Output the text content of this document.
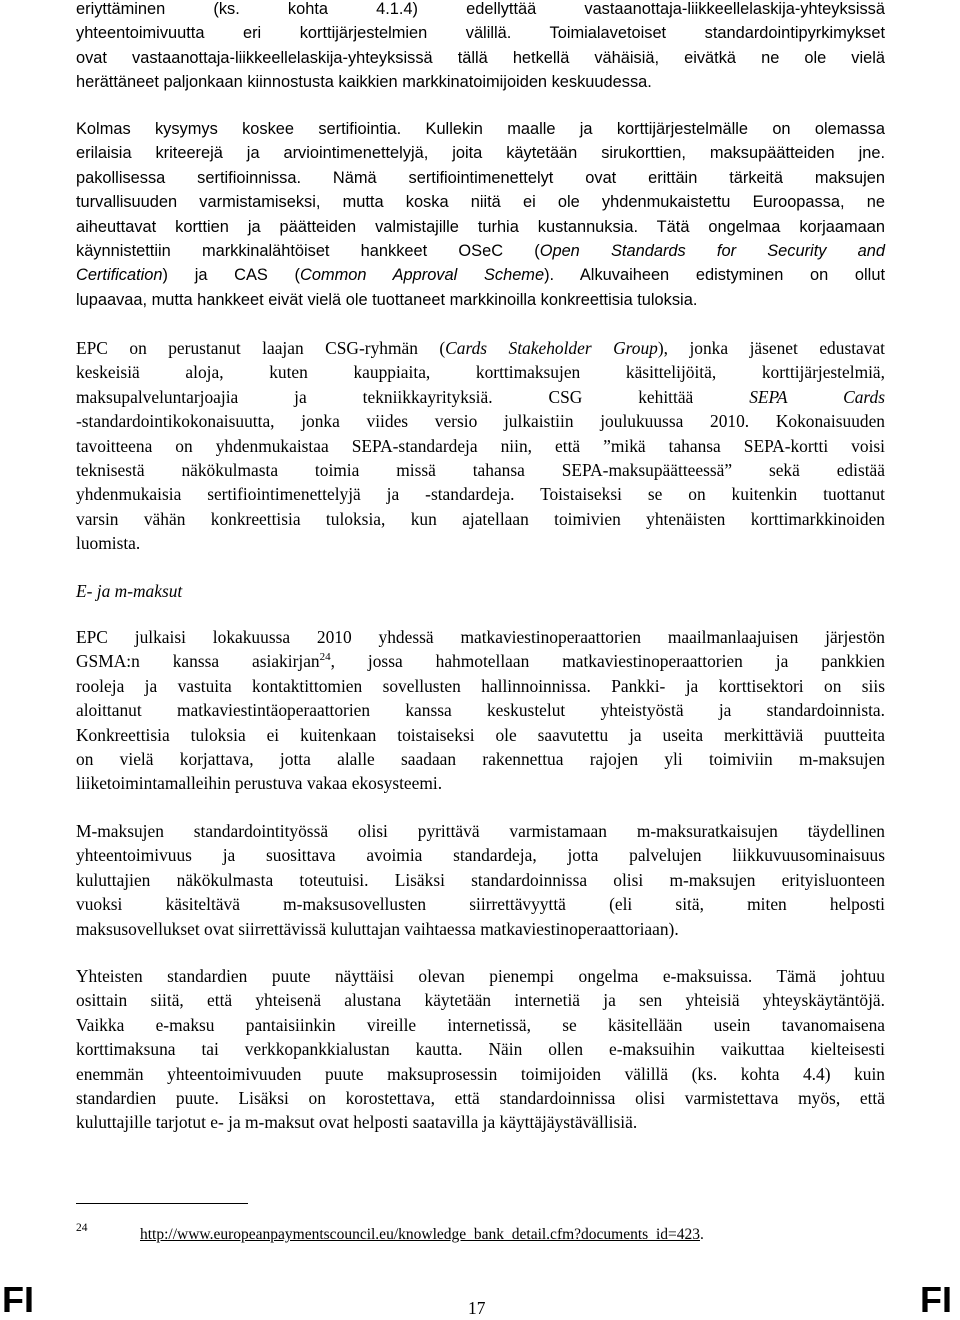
eriyttäminen (ks. kohta 4.1.4) edellyttää vastaanottaja-liikkeellelaskija-yhteyksissä
yhteentoimivuutta eri korttijärjestelmien välillä. Toimialavetoiset standardointipyrkimykset
ovat vastaanottaja-liikkeellelaskija-yhteyksissä tällä hetkellä vähäisiä, eivätkä ne ole vielä
herättäneet paljonkaan kiinnostusta kaikkien markkinatoimijoiden keskuudessa.
Kolmas kysymys koskee sertifiointia. Kullekin maalle ja korttijärjestelmälle on olemassa
erilaisia kriteerejä ja arviointimenettelyjä, joita käytetään sirukorttien, maksupäätteiden jne.
pakollisessa sertifioinnissa. Nämä sertifiointimenettelyt ovat erittäin tärkeitä maksujen
turvallisuuden varmistamiseksi, mutta koska niitä ei ole yhdenmukaistettu Euroopassa, ne
aiheuttavat korttien ja päätteiden valmistajille turhia kustannuksia. Tätä ongelmaa korjaamaan
käynnistettiin markkinalähtöiset hankkeet OSeC (Open Standards for Security and
Certification) ja CAS (Common Approval Scheme). Alkuvaiheen edistyminen on ollut
lupaavaa, mutta hankkeet eivät vielä ole tuottaneet markkinoilla konkreettisia tuloksia.
EPC on perustanut laajan CSG-ryhmän (Cards Stakeholder Group), jonka jäsenet edustavat
keskeisiä aloja, kuten kauppiaita, korttimaksujen käsittelijöitä, korttijärjestelmiä,
maksupalveluntarjoajia ja tekniikkayrityksiä. CSG kehittää SEPA Cards
-standardointikokonaisuutta, jonka viides versio julkaistiin joulukuussa 2010. Kokonaisuuden
tavoitteena on yhdenmukaistaa SEPA-standardeja niin, että ”mikä tahansa SEPA-kortti voisi
teknisestä näkökulmasta toimia missä tahansa SEPA-maksupäätteessä” sekä edistää
yhdenmukaisia sertifiointimenettelyjä ja -standardeja. Toistaiseksi se on kuitenkin tuottanut
varsin vähän konkreettisia tuloksia, kun ajatellaan toimivien yhtenäisten korttimarkkinoiden
luomista.
E- ja m-maksut
EPC julkaisi lokakuussa 2010 yhdessä matkaviestinoperaattorien maailmanlaajuisen järjestön
GSMA:n kanssa asiakirjan$^{24}$, jossa hahmotellaan matkaviestinoperaattorien ja pankkien
rooleja ja vastuita kontaktittomien sovellusten hallinnoinnissa. Pankki- ja korttisektori on siis
aloittanut matkaviestintäoperaattorien kanssa keskustelut yhteistyöstä ja standardoinnista.
Konkreettisia tuloksia ei kuitenkaan toistaiseksi ole saavutettu ja useita merkittäviä puutteita
on vielä korjattava, jotta alalle saadaan rakennettua rajojen yli toimiviin m-maksujen
liiketoimintamalleihin perustuva vakaa ekosysteemi.
M-maksujen standardointityössä olisi pyrittävä varmistamaan m-maksuratkaisujen täydellinen
yhteentoimivuus ja suosittava avoimia standardeja, jotta palvelujen liikkuvuusominaisuus
kuluttajien näkökulmasta toteutuisi. Lisäksi standardoinnissa olisi m-maksujen erityisluonteen
vuoksi käsiteltävä m-maksusovellusten siirrettävyyttä (eli sitä, miten helposti
maksusovellukset ovat siirrettävissä kuluttajan vaihtaessa matkaviestinoperaattoriaan).
Yhteisten standardien puute näyttäisi olevan pienempi ongelma e-maksuissa. Tämä johtuu
osittain siitä, että yhteisenä alustana käytetään internetiä ja sen yhteisiä yhteyskäytäntöjä.
Vaikka e-maksu pantaisiinkin vireille internetissä, se käsitellään usein tavanomaisena
korttimaksuna tai verkkopankkialustan kautta. Näin ollen e-maksuihin vaikuttaa kielteisesti
enemmän yhteentoimivuuden puute maksuprosessin toimijoiden välillä (ks. kohta 4.4) kuin
standardien puute. Lisäksi on korostettava, että standardoinnissa olisi varmistettava myös, että
kuluttajille tarjotut e- ja m-maksut ovat helposti saatavilla ja käyttäjäystävällisiä.
24	http://www.europeanpaymentscouncil.eu/knowledge_bank_detail.cfm?documents_id=423.
FI	17	FI
